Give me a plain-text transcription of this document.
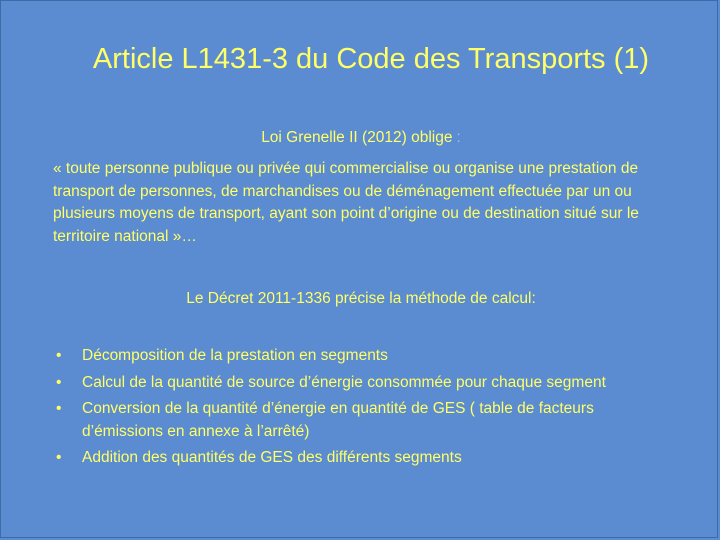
Article L1431-3 du Code des Transports (1)
Loi Grenelle II (2012) oblige :

« toute personne publique ou privée qui commercialise ou organise une prestation de transport de personnes, de marchandises ou de déménagement effectuée par un ou plusieurs moyens de transport, ayant son point d’origine ou de destination situé sur le territoire national »…

Le Décret 2011-1336 précise la méthode de calcul:
• Décomposition de la prestation en segments
• Calcul de la quantité de source d’énergie consommée pour chaque segment
• Conversion de la quantité d’énergie en quantité de GES ( table de facteurs d’émissions en annexe à l’arrêté)
• Addition des quantités de GES des différents segments
